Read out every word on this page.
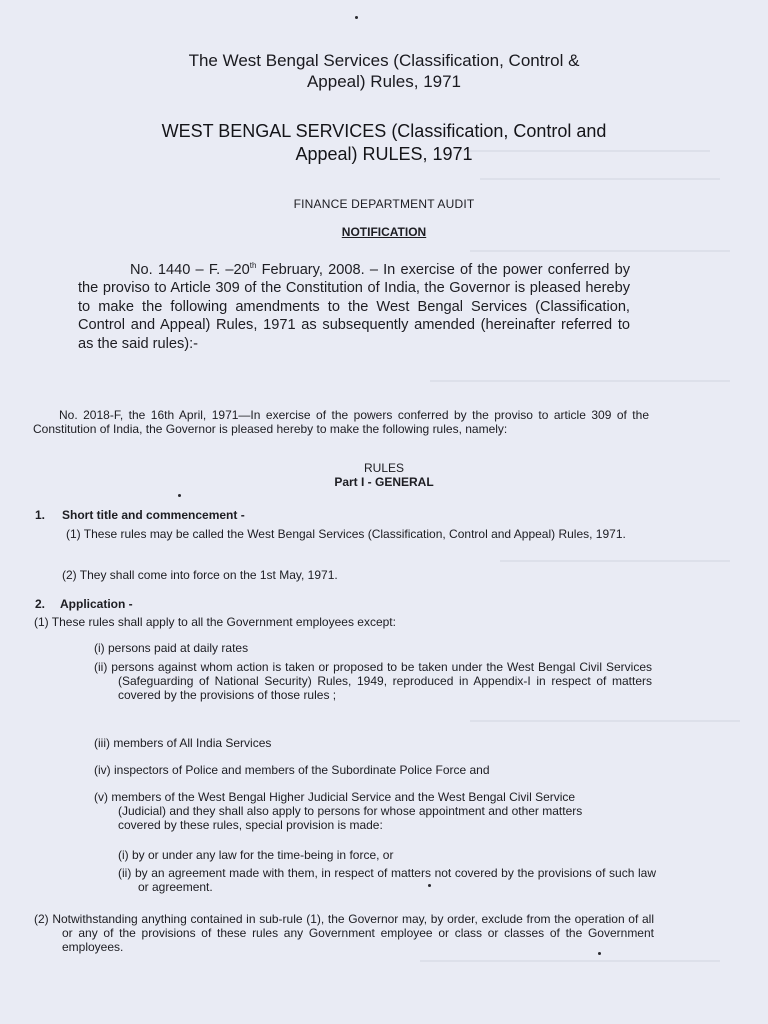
The West Bengal Services (Classification, Control &
Appeal) Rules, 1971
WEST BENGAL SERVICES (Classification, Control and
Appeal) RULES, 1971
FINANCE DEPARTMENT AUDIT
NOTIFICATION
No. 1440 – F. –20th February, 2008. – In exercise of the power conferred by the proviso to Article 309 of the Constitution of India, the Governor is pleased hereby to make the following amendments to the West Bengal Services (Classification, Control and Appeal) Rules, 1971 as subsequently amended (hereinafter referred to as the said rules):-
No. 2018-F, the 16th April, 1971—In exercise of the powers conferred by the proviso to article 309 of the Constitution of India, the Governor is pleased hereby to make the following rules, namely:
RULES
Part I - GENERAL
1. Short title and commencement -
(1) These rules may be called the West Bengal Services (Classification, Control and Appeal) Rules, 1971.
(2) They shall come into force on the 1st May, 1971.
2. Application -
(1) These rules shall apply to all the Government employees except:
(i) persons paid at daily rates
(ii) persons against whom action is taken or proposed to be taken under the West Bengal Civil Services (Safeguarding of National Security) Rules, 1949, reproduced in Appendix-I in respect of matters covered by the provisions of those rules ;
(iii) members of All India Services
(iv) inspectors of Police and members of the Subordinate Police Force and
(v) members of the West Bengal Higher Judicial Service and the West Bengal Civil Service (Judicial) and they shall also apply to persons for whose appointment and other matters covered by these rules, special provision is made:
(i) by or under any law for the time-being in force, or
(ii) by an agreement made with them, in respect of matters not covered by the provisions of such law or agreement.
(2) Notwithstanding anything contained in sub-rule (1), the Governor may, by order, exclude from the operation of all or any of the provisions of these rules any Government employee or class or classes of the Government employees.
